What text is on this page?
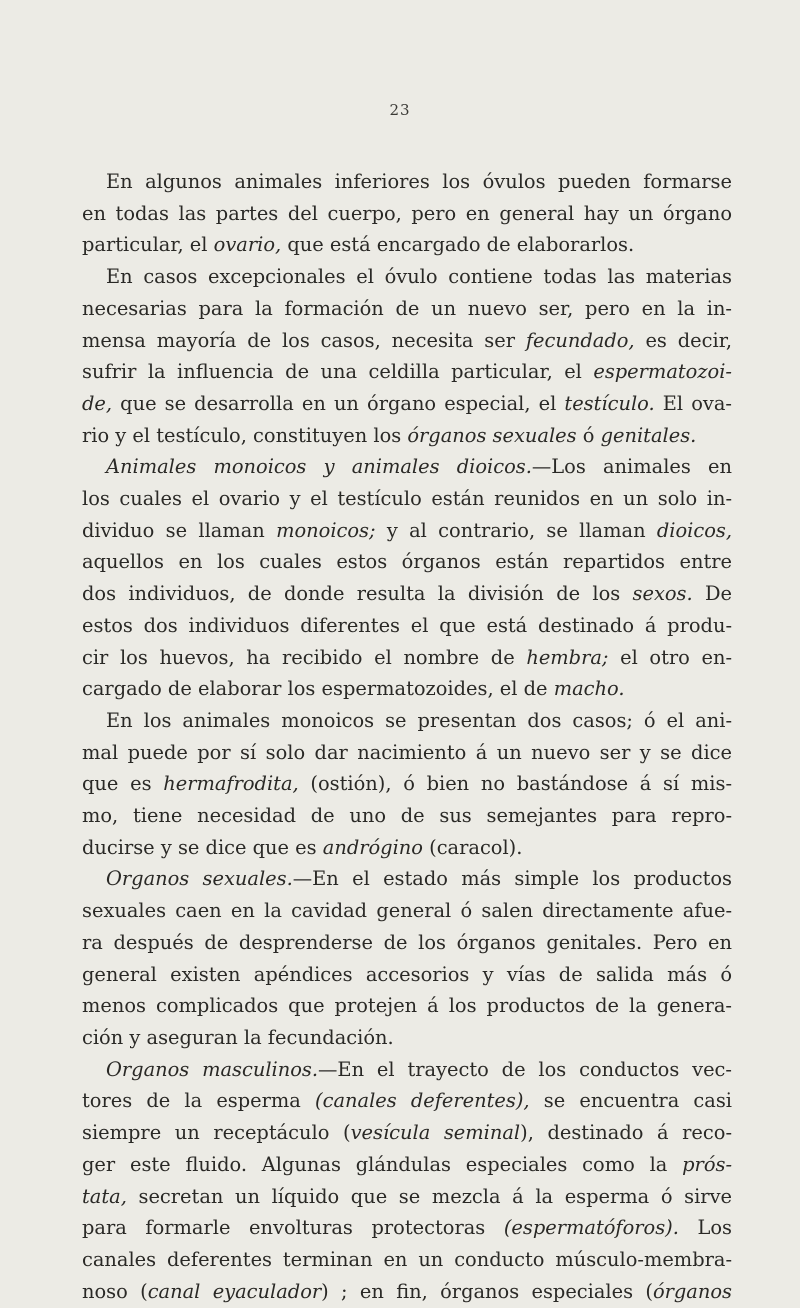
23
En algunos animales inferiores los óvulos pueden formarse
en todas las partes del cuerpo, pero en general hay un órgano
particular, el ovario, que está encargado de elaborarlos.
En casos excepcionales el óvulo contiene todas las materias
necesarias para la formación de un nuevo ser, pero en la in-
mensa mayoría de los casos, necesita ser fecundado, es decir,
sufrir la influencia de una celdilla particular, el espermatozoi-
de, que se desarrolla en un órgano especial, el testículo. El ova-
rio y el testículo, constituyen los órganos sexuales ó genitales.
Animales monoicos y animales dioicos.—Los animales en
los cuales el ovario y el testículo están reunidos en un solo in-
dividuo se llaman monoicos; y al contrario, se llaman dioicos,
aquellos en los cuales estos órganos están repartidos entre
dos individuos, de donde resulta la división de los sexos. De
estos dos individuos diferentes el que está destinado á produ-
cir los huevos, ha recibido el nombre de hembra; el otro en-
cargado de elaborar los espermatozoides, el de macho.
En los animales monoicos se presentan dos casos; ó el ani-
mal puede por sí solo dar nacimiento á un nuevo ser y se dice
que es hermafrodita, (ostión), ó bien no bastándose á sí mis-
mo, tiene necesidad de uno de sus semejantes para repro-
ducirse y se dice que es andrógino (caracol).
Organos sexuales.—En el estado más simple los productos
sexuales caen en la cavidad general ó salen directamente afue-
ra después de desprenderse de los órganos genitales. Pero en
general existen apéndices accesorios y vías de salida más ó
menos complicados que protejen á los productos de la genera-
ción y aseguran la fecundación.
Organos masculinos.—En el trayecto de los conductos vec-
tores de la esperma (canales deferentes), se encuentra casi
siempre un receptáculo (vesícula seminal), destinado á reco-
ger este fluido. Algunas glándulas especiales como la prós-
tata, secretan un líquido que se mezcla á la esperma ó sirve
para formarle envolturas protectoras (espermatóforos). Los
canales deferentes terminan en un conducto músculo-membra-
noso (canal eyaculador) ; en fin, órganos especiales (órganos
